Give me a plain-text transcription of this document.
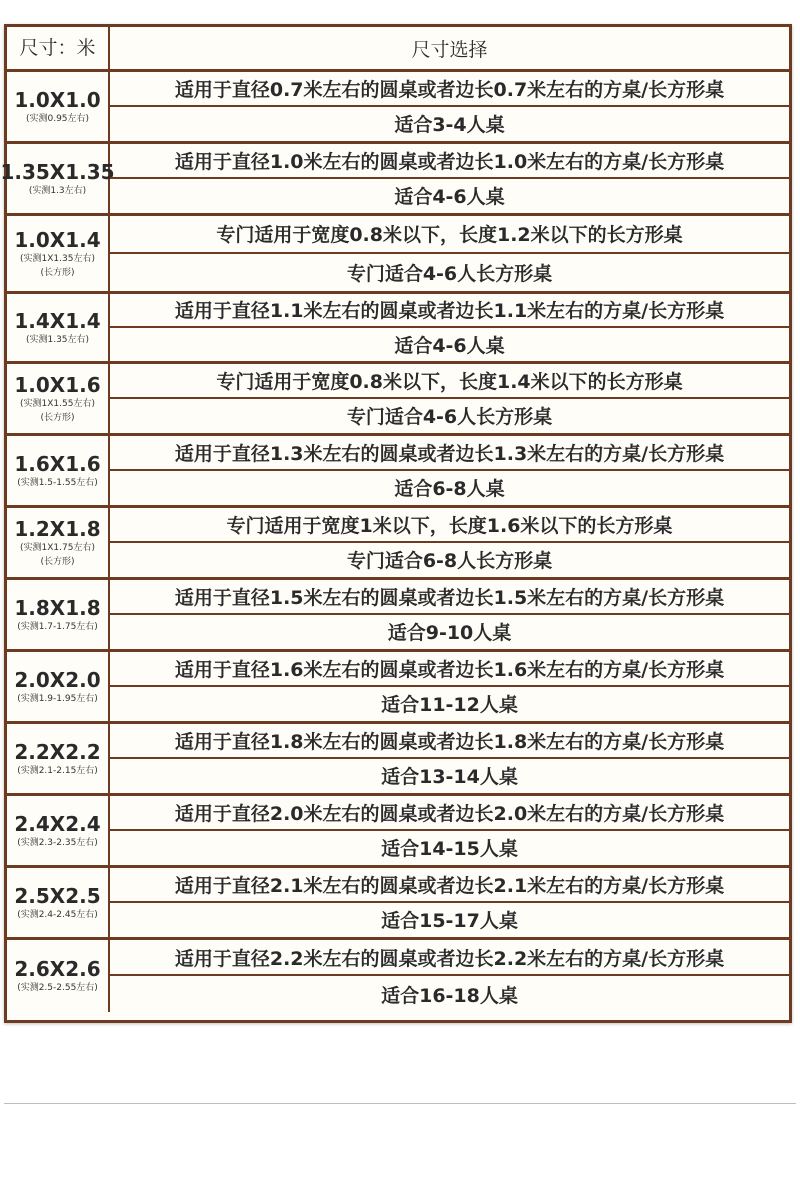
尺寸：米	尺寸选择
1.0X1.0
(实测0.95左右)
适用于直径0.7米左右的圆桌或者边长0.7米左右的方桌/长方形桌
适合3-4人桌
1.35X1.35
(实测1.3左右)
适用于直径1.0米左右的圆桌或者边长1.0米左右的方桌/长方形桌
适合4-6人桌
1.0X1.4
(实测1X1.35左右)
(长方形)
专门适用于宽度0.8米以下，长度1.2米以下的长方形桌
专门适合4-6人长方形桌
1.4X1.4
(实测1.35左右)
适用于直径1.1米左右的圆桌或者边长1.1米左右的方桌/长方形桌
适合4-6人桌
1.0X1.6
(实测1X1.55左右)
(长方形)
专门适用于宽度0.8米以下，长度1.4米以下的长方形桌
专门适合4-6人长方形桌
1.6X1.6
(实测1.5-1.55左右)
适用于直径1.3米左右的圆桌或者边长1.3米左右的方桌/长方形桌
适合6-8人桌
1.2X1.8
(实测1X1.75左右)
(长方形)
专门适用于宽度1米以下，长度1.6米以下的长方形桌
专门适合6-8人长方形桌
1.8X1.8
(实测1.7-1.75左右)
适用于直径1.5米左右的圆桌或者边长1.5米左右的方桌/长方形桌
适合9-10人桌
2.0X2.0
(实测1.9-1.95左右)
适用于直径1.6米左右的圆桌或者边长1.6米左右的方桌/长方形桌
适合11-12人桌
2.2X2.2
(实测2.1-2.15左右)
适用于直径1.8米左右的圆桌或者边长1.8米左右的方桌/长方形桌
适合13-14人桌
2.4X2.4
(实测2.3-2.35左右)
适用于直径2.0米左右的圆桌或者边长2.0米左右的方桌/长方形桌
适合14-15人桌
2.5X2.5
(实测2.4-2.45左右)
适用于直径2.1米左右的圆桌或者边长2.1米左右的方桌/长方形桌
适合15-17人桌
2.6X2.6
(实测2.5-2.55左右)
适用于直径2.2米左右的圆桌或者边长2.2米左右的方桌/长方形桌
适合16-18人桌
